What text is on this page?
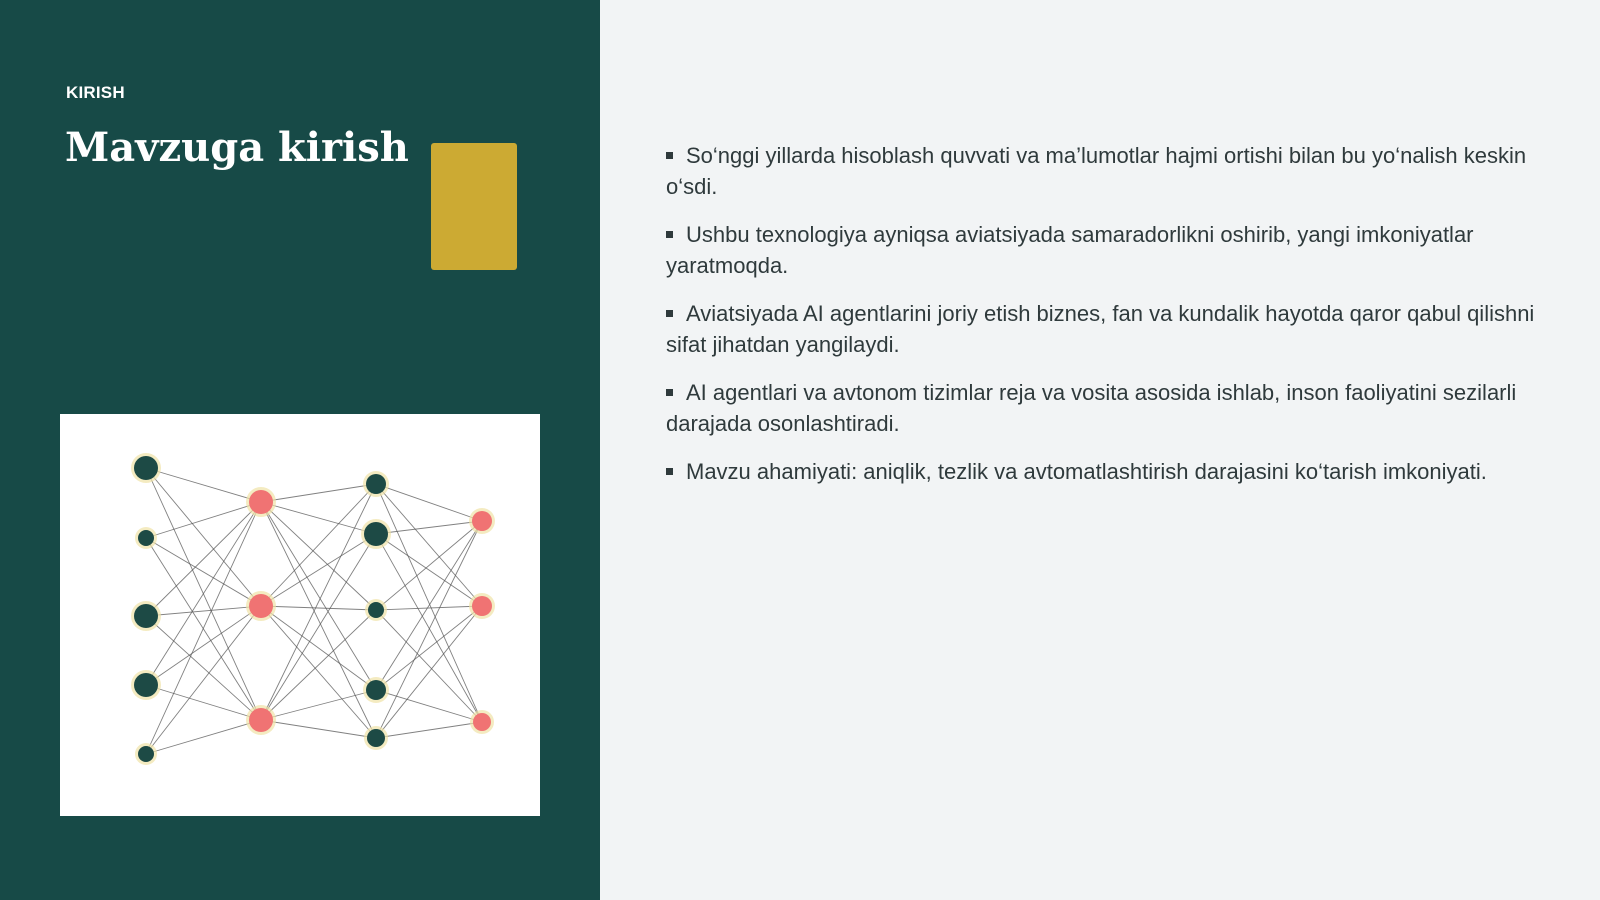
KIRISH
Mavzuga kirish	So‘nggi yillarda hisoblash quvvati va ma’lumotlar hajmi ortishi bilan bu yo‘nalish keskin o‘sdi.
Ushbu texnologiya ayniqsa aviatsiyada samaradorlikni oshirib, yangi imkoniyatlar yaratmoqda.
Aviatsiyada AI agentlarini joriy etish biznes, fan va kundalik hayotda qaror qabul qilishni sifat jihatdan yangilaydi.
AI agentlari va avtonom tizimlar reja va vosita asosida ishlab, inson faoliyatini sezilarli darajada osonlashtiradi.
Mavzu ahamiyati: aniqlik, tezlik va avtomatlashtirish darajasini ko‘tarish imkoniyati.
